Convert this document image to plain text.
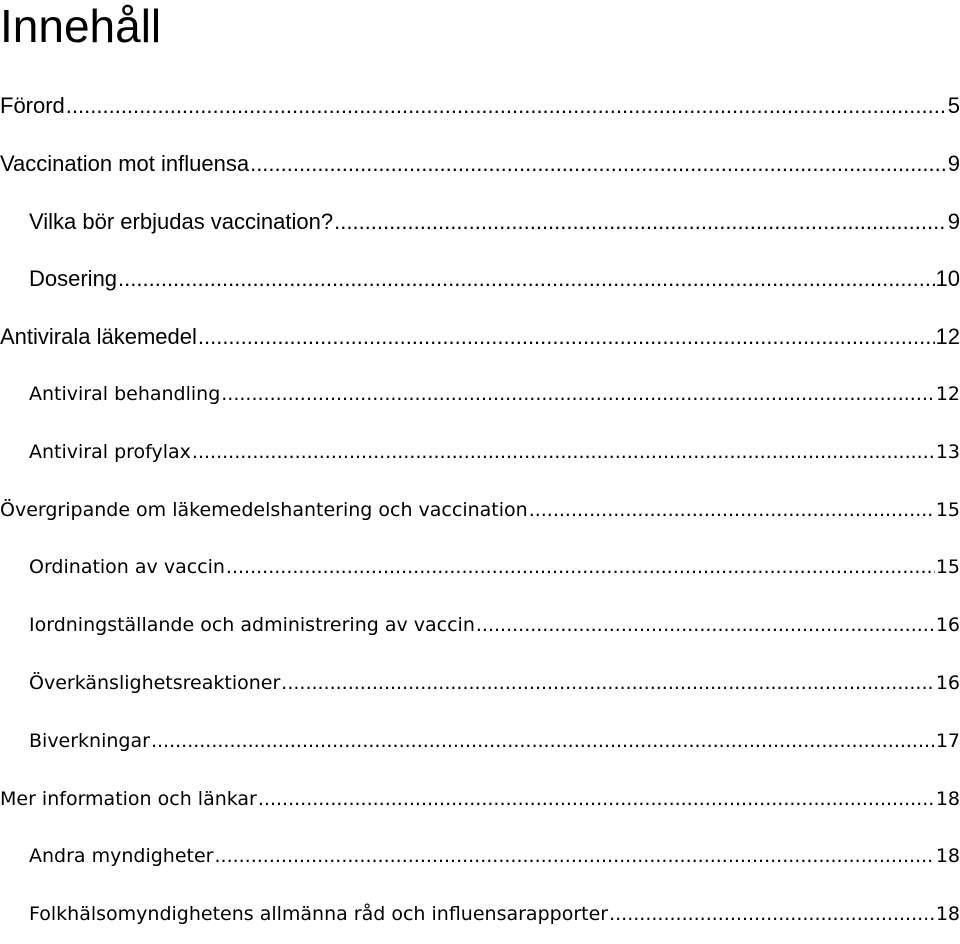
Innehåll
Förord .....	5
Vaccination mot influensa .....	9
Vilka bör erbjudas vaccination? .....	9
Dosering .....	10
Antivirala läkemedel .....	12
Antiviral behandling .....	12
Antiviral profylax .....	13
Övergripande om läkemedelshantering och vaccination .....	15
Ordination av vaccin .....	15
Iordningställande och administrering av vaccin .....	16
Överkänslighetsreaktioner .....	16
Biverkningar .....	17
Mer information och länkar .....	18
Andra myndigheter .....	18
Folkhälsomyndighetens allmänna råd och influensarapporter .....	18
